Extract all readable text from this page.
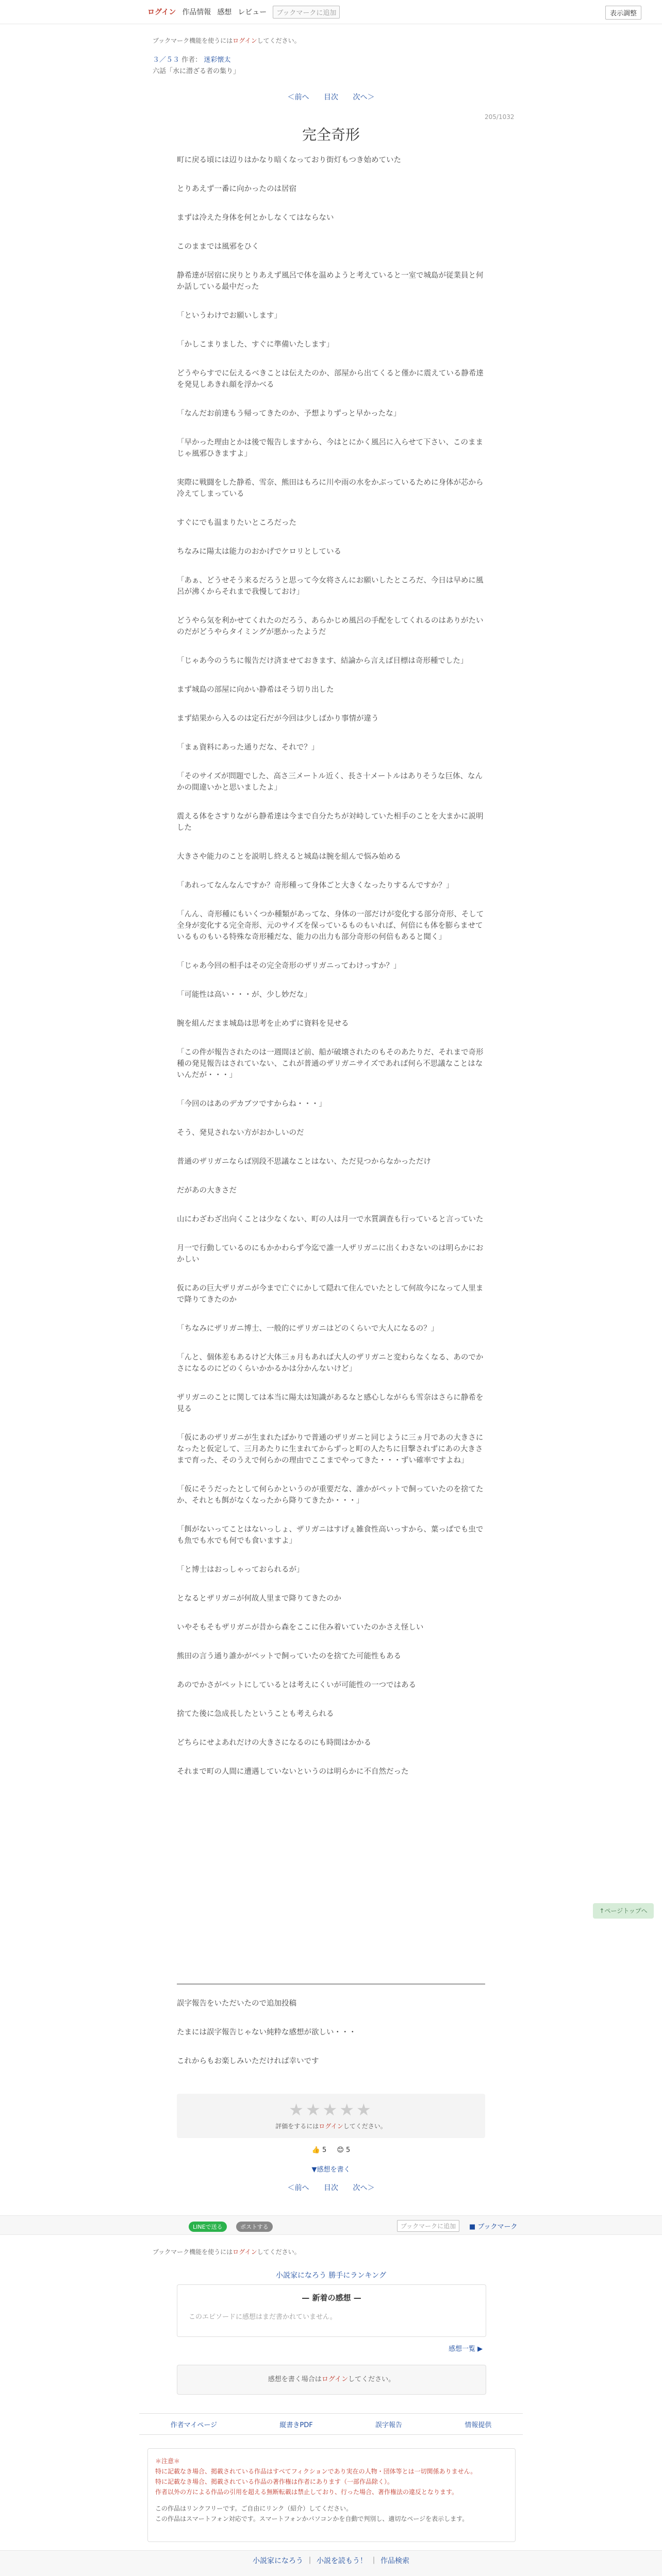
ログイン 作品情報 感想 レビュー	ブックマークに追加	表示調整
ブックマーク機能を使うにはログインしてください。
３／５３ 作者： 迷彩懐太
六話「水に潜ざる者の集り」
＜前へ 目次 次へ＞
205/1032
完全奇形

町に戻る頃には辺りはかなり暗くなっており街灯もつき始めていた

とりあえず一番に向かったのは居宿

まずは冷えた身体を何とかしなくてはならない

このままでは風邪をひく

静希達が居宿に戻りとりあえず風呂で体を温めようと考えていると一室で城島が従業員と何か話している最中だった

「というわけでお願いします」

「かしこまりました、すぐに準備いたします」

どうやらすでに伝えるべきことは伝えたのか、部屋から出てくると僅かに震えている静希達を発見しあきれ顔を浮かべる

「なんだお前達もう帰ってきたのか、予想よりずっと早かったな」

「早かった理由とかは後で報告しますから、今はとにかく風呂に入らせて下さい、このままじゃ風邪ひきますよ」

実際に戦闘をした静希、雪奈、熊田はもろに川や雨の水をかぶっているために身体が芯から冷えてしまっている

すぐにでも温まりたいところだった

ちなみに陽太は能力のおかげでケロリとしている

「あぁ、どうせそう来るだろうと思って今女将さんにお願いしたところだ、今日は早めに風呂が沸くからそれまで我慢しておけ」

どうやら気を利かせてくれたのだろう、あらかじめ風呂の手配をしてくれるのはありがたいのだがどうやらタイミングが悪かったようだ

「じゃあ今のうちに報告だけ済ませておきます、結論から言えば目標は奇形種でした」

まず城島の部屋に向かい静希はそう切り出した

まず結果から入るのは定石だが今回は少しばかり事情が違う

「まぁ資料にあった通りだな、それで？」

「そのサイズが問題でした、高さ三メートル近く、長さ十メートルはありそうな巨体、なんかの間違いかと思いましたよ」

震える体をさすりながら静希達は今まで自分たちが対峙していた相手のことを大まかに説明した

大きさや能力のことを説明し終えると城島は腕を組んで悩み始める

「あれってなんなんですか？奇形種って身体ごと大きくなったりするんですか？」

「んん、奇形種にもいくつか種類があってな、身体の一部だけが変化する部分奇形、そして全身が変化する完全奇形、元のサイズを保っているものもいれば、何倍にも体を膨らませているものもいる特殊な奇形種だな、能力の出力も部分奇形の何倍もあると聞く」

「じゃあ今回の相手はその完全奇形のザリガニってわけっすか？」

「可能性は高い・・・が、少し妙だな」

腕を組んだまま城島は思考を止めずに資料を見せる

「この件が報告されたのは一週間ほど前、船が破壊されたのもそのあたりだ、それまで奇形種の発見報告はされていない、これが普通のザリガニサイズであれば何ら不思議なことはないんだが・・・」

「今回のはあのデカブツですからね・・・」

そう、発見されない方がおかしいのだ

普通のザリガニならば別段不思議なことはない、ただ見つからなかっただけ

だがあの大きさだ

山にわざわざ出向くことは少なくない、町の人は月一で水質調査も行っていると言っていた

月一で行動しているのにもかかわらず今迄で誰一人ザリガニに出くわさないのは明らかにおかしい

仮にあの巨大ザリガニが今まで亡ぐにかして隠れて住んでいたとして何故今になって人里まで降りてきたのか

「ちなみにザリガニ博士、一般的にザリガニはどのくらいで大人になるの？」

「んと、個体差もあるけど大体三ヵ月もあれば大人のザリガニと変わらなくなる、あのでかさになるのにどのくらいかかるかは分かんないけど」

ザリガニのことに関しては本当に陽太は知識があるなと感心しながらも雪奈はさらに静希を見る

「仮にあのザリガニが生まれたばかりで普通のザリガニと同じように三ヵ月であの大きさになったと仮定して、三月あたりに生まれてからずっと町の人たちに目撃されずにあの大きさまで育った、そのうえで何らかの理由でここまでやってきた・・・ずい確率ですよね」

「仮にそうだったとして何らかというのが重要だな、誰かがペットで飼っていたのを捨てたか、それとも餌がなくなったから降りてきたか・・・」

「餌がないってことはないっしょ、ザリガニはすげぇ雑食性高いっすから、葉っぱでも虫でも魚でも水でも何でも食いますよ」

「と博士はおっしゃっておられるが」

となるとザリガニが何故人里まで降りてきたのか

いやそもそもザリガニが昔から森をここに住み着いていたのかさえ怪しい

熊田の言う通り誰かがペットで飼っていたのを捨てた可能性もある

あのでかさがペットにしているとは考えにくいが可能性の一つではある

捨てた後に急成長したということも考えられる

どちらにせよあれだけの大きさになるのにも時間はかかる

それまで町の人間に遭遇していないというのは明らかに不自然だった

誤字報告をいただいたので追加投稿

たまには誤字報告じゃない純粋な感想が欲しい・・・

これからもお楽しみいただければ幸いです

★★★★★
評価をするにはログインしてください。
👍 5 😊 5
▼感想を書く
＜前へ 目次 次へ＞
LINEで送る	ポストする	ブックマークに追加	■ ブックマーク
ブックマーク機能を使うにはログインしてください。
小説家になろう 勝手にランキング
— 新着の感想 —
このエピソードに感想はまだ書かれていません。
感想一覧 ▶
感想を書く場合はログインしてください。
作者マイページ	縦書きPDF	誤字報告	情報提供
＊注意＊
特に記載なき場合、掲載されている作品はすべてフィクションであり実在の人物・団体等とは一切関係ありません。
特に記載なき場合、掲載されている作品の著作権は作者にあります（一部作品除く）。
作者以外の方による作品の引用を超える無断転載は禁止しており、行った場合、著作権法の違反となります。
この作品はリンクフリーです。ご自由にリンク（紹介）してください。
この作品はスマートフォン対応です。スマートフォンかパソコンかを自動で判別し、適切なページを表示します。
↑ページトップへ
小説家になろう ｜ 小説を読もう！ ｜ 作品検索
